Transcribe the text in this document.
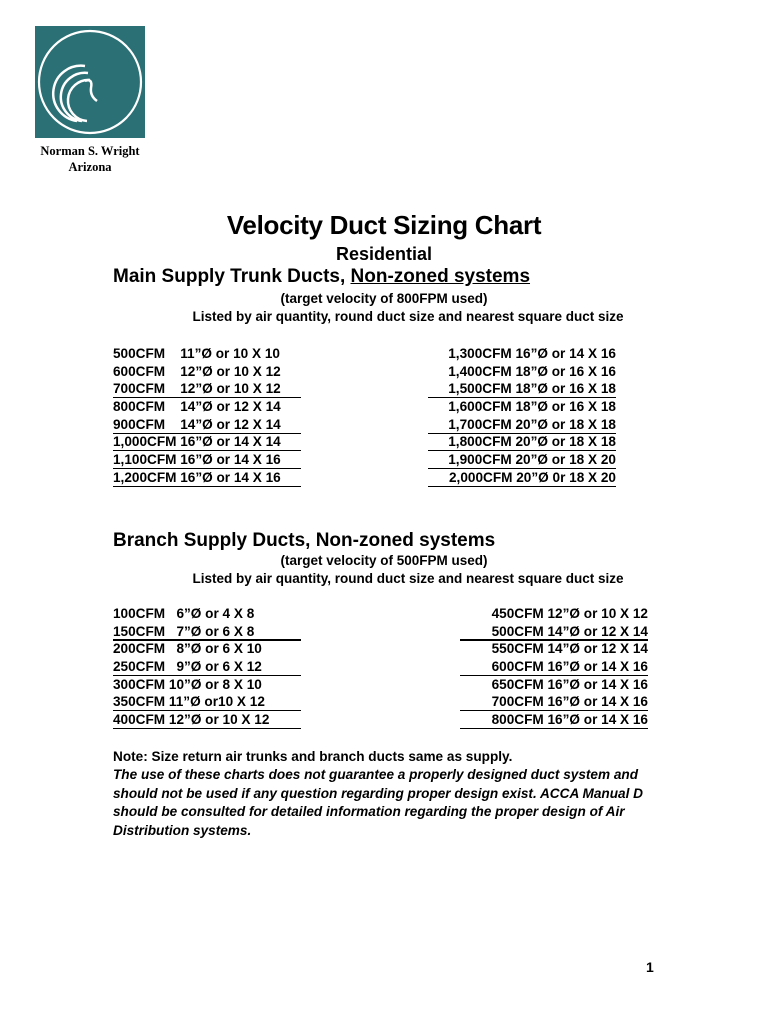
Norman S. Wright
Arizona
Velocity Duct Sizing Chart
Residential
Main Supply Trunk Ducts, Non-zoned systems
(target velocity of 800FPM used)
Listed by air quantity, round duct size and nearest square duct size
500CFM    11”Ø or 10 X 10	1,300CFM 16”Ø or 14 X 16
600CFM    12”Ø or 10 X 12	1,400CFM 18”Ø or 16 X 16
700CFM    12”Ø or 10 X 12	1,500CFM 18”Ø or 16 X 18
800CFM    14”Ø or 12 X 14	1,600CFM 18”Ø or 16 X 18
900CFM    14”Ø or 12 X 14	1,700CFM 20”Ø or 18 X 18
1,000CFM 16”Ø or 14 X 14	1,800CFM 20”Ø or 18 X 18
1,100CFM 16”Ø or 14 X 16	1,900CFM 20”Ø or 18 X 20
1,200CFM 16”Ø or 14 X 16	2,000CFM 20”Ø 0r 18 X 20
Branch Supply Ducts, Non-zoned systems
(target velocity of 500FPM used)
Listed by air quantity, round duct size and nearest square duct size
100CFM   6”Ø or 4 X 8	450CFM 12”Ø or 10 X 12
150CFM   7”Ø or 6 X 8	500CFM 14”Ø or 12 X 14
200CFM   8”Ø or 6 X 10	550CFM 14”Ø or 12 X 14
250CFM   9”Ø or 6 X 12	600CFM 16”Ø or 14 X 16
300CFM 10”Ø or 8 X 10	650CFM 16”Ø or 14 X 16
350CFM 11”Ø or10 X 12	700CFM 16”Ø or 14 X 16
400CFM 12”Ø or 10 X 12	800CFM 16”Ø or 14 X 16
Note: Size return air trunks and branch ducts same as supply.
The use of these charts does not guarantee a properly designed duct system and should not be used if any question regarding proper design exist. ACCA Manual D should be consulted for detailed information regarding the proper design of Air Distribution systems.
1
